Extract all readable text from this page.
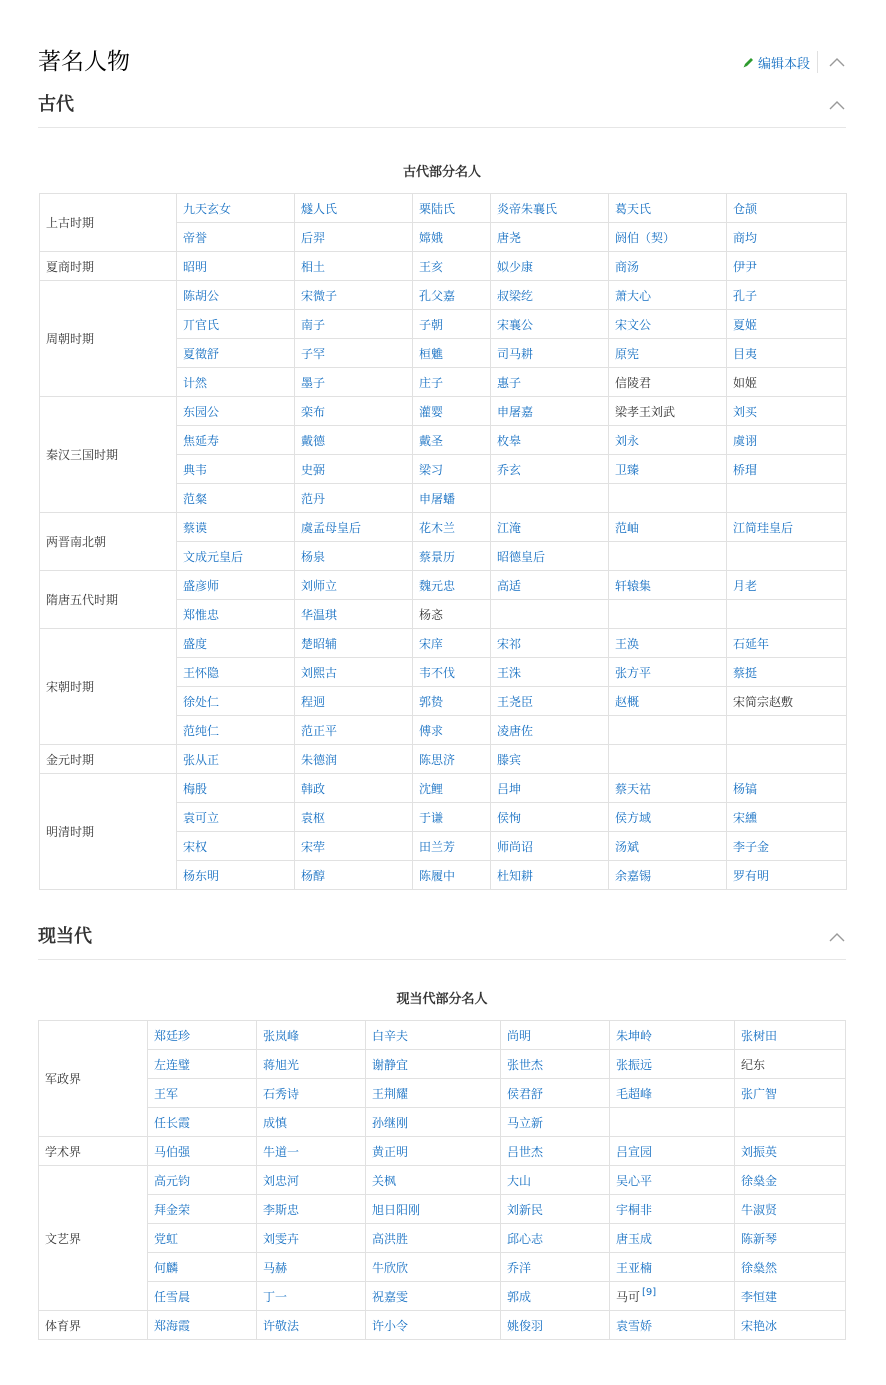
著名人物	编辑本段
古代
古代部分名人
上古时期	九天玄女	燧人氏	栗陆氏	炎帝朱襄氏	葛天氏	仓颉
	帝誉	后羿	嫦娥	唐尧	阏伯（契）	商均
夏商时期	昭明	相土	王亥	姒少康	商汤	伊尹
周朝时期	陈胡公	宋微子	孔父嘉	叔梁纥	萧大心	孔子
	丌官氏	南子	子朝	宋襄公	宋文公	夏姬
	夏徵舒	子罕	桓魋	司马耕	原宪	目夷
	计然	墨子	庄子	惠子	信陵君	如姬
秦汉三国时期	东园公	栾布	灌婴	申屠嘉	梁孝王刘武	刘买
	焦延寿	戴德	戴圣	枚皋	刘永	虞诩
	典韦	史弼	梁习	乔玄	卫臻	桥瑁
	范粲	范丹	申屠蟠			
两晋南北朝	蔡谟	虞孟母皇后	花木兰	江淹	范岫	江简珪皇后
	文成元皇后	杨泉	蔡景历	昭德皇后		
隋唐五代时期	盛彦师	刘师立	魏元忠	高适	轩辕集	月老
	郑惟忠	华温琪	杨忞			
宋朝时期	盛度	楚昭辅	宋庠	宋祁	王涣	石延年
	王怀隐	刘熙古	韦不伐	王洙	张方平	蔡挺
	徐处仁	程迥	郭贽	王尧臣	赵概	宋简宗赵敷
	范纯仁	范正平	傅求	凌唐佐		
金元时期	张从正	朱德润	陈思济	滕宾		
明清时期	梅殷	韩政	沈鲤	吕坤	蔡天祜	杨镐
	袁可立	袁枢	于谦	侯恂	侯方域	宋纁
	宋权	宋荦	田兰芳	师尚诏	汤斌	李子金
	杨东明	杨醇	陈履中	杜知耕	余嘉锡	罗有明
现当代
现当代部分名人
军政界	郑廷珍	张岚峰	白辛夫	尚明	朱坤岭	张树田
	左连璧	蒋旭光	谢静宜	张世杰	张振远	纪东
	王军	石秀诗	王荆耀	侯君舒	毛超峰	张广智
	任长霞	成慎	孙继刚	马立新		
学术界	马伯强	牛道一	黄正明	吕世杰	吕宣园	刘振英
文艺界	高元钧	刘忠河	关枫	大山	吴心平	徐燊金
	拜金荣	李斯忠	旭日阳刚	刘新民	宇桐非	牛淑贤
	党虹	刘雯卉	高洪胜	邱心志	唐玉成	陈新琴
	何麟	马赫	牛欣欣	乔洋	王亚楠	徐燊然
	任雪晨	丁一	祝嘉雯	郭成	马可 [9]	李恒建
体育界	郑海霞	许敬法	许小令	姚俊羽	袁雪娇	宋艳冰
